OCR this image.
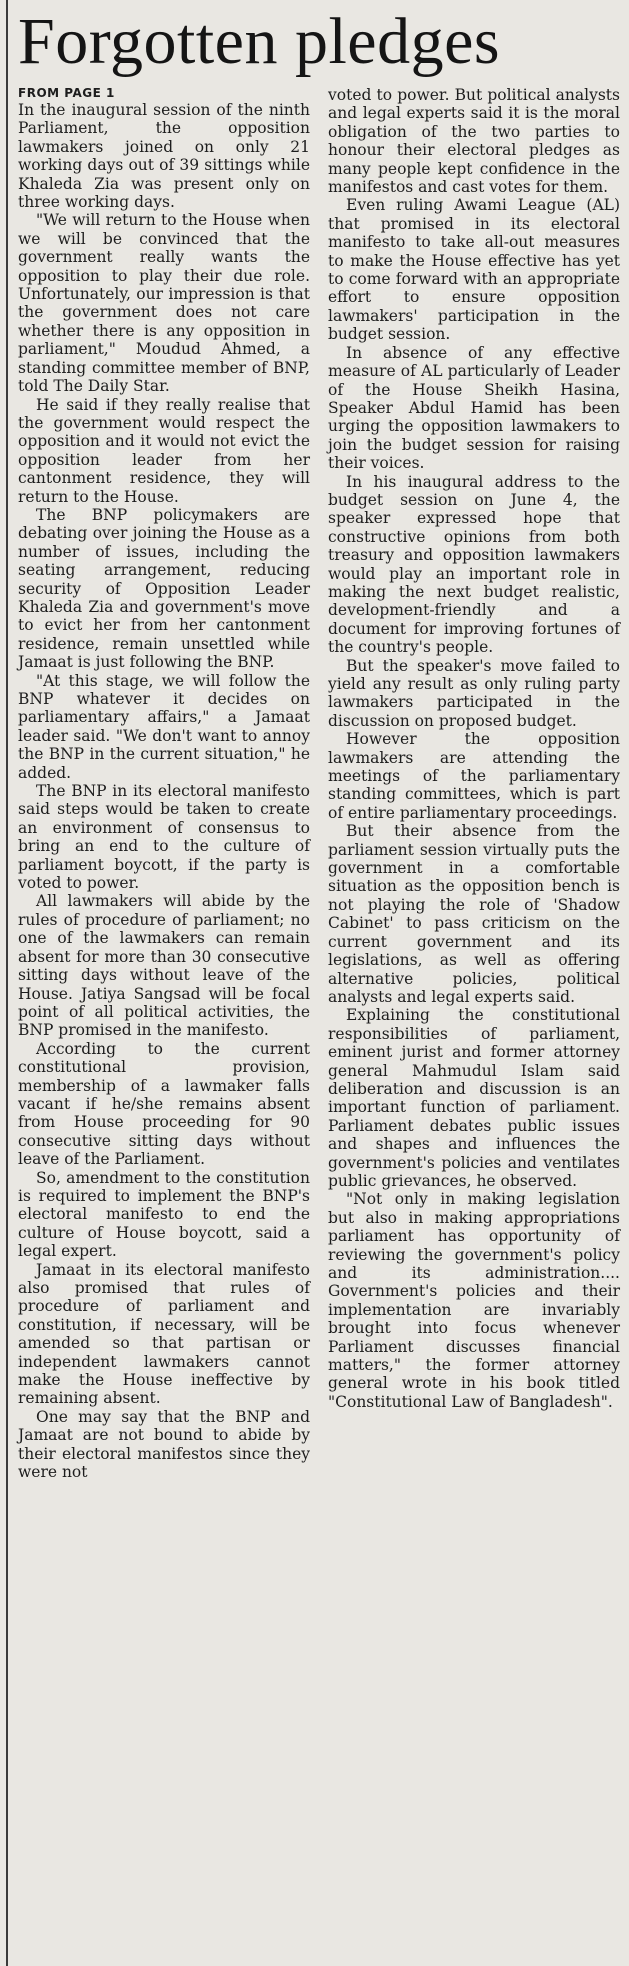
Forgotten pledges
FROM PAGE 1

In the inaugural session of the ninth Parliament, the opposition lawmakers joined on only 21 working days out of 39 sittings while Khaleda Zia was present only on three working days.

"We will return to the House when we will be convinced that the government really wants the opposition to play their due role. Unfortunately, our impression is that the government does not care whether there is any opposition in parliament," Moudud Ahmed, a standing committee member of BNP, told The Daily Star.

He said if they really realise that the government would respect the opposition and it would not evict the opposition leader from her cantonment residence, they will return to the House.

The BNP policymakers are debating over joining the House as a number of issues, including the seating arrangement, reducing security of Opposition Leader Khaleda Zia and government's move to evict her from her cantonment residence, remain unsettled while Jamaat is just following the BNP.

"At this stage, we will follow the BNP whatever it decides on parliamentary affairs," a Jamaat leader said. "We don't want to annoy the BNP in the current situation," he added.

The BNP in its electoral manifesto said steps would be taken to create an environment of consensus to bring an end to the culture of parliament boycott, if the party is voted to power.

All lawmakers will abide by the rules of procedure of parliament; no one of the lawmakers can remain absent for more than 30 consecutive sitting days without leave of the House. Jatiya Sangsad will be focal point of all political activities, the BNP promised in the manifesto.

According to the current constitutional provision, membership of a lawmaker falls vacant if he/she remains absent from House proceeding for 90 consecutive sitting days without leave of the Parliament.

So, amendment to the constitution is required to implement the BNP's electoral manifesto to end the culture of House boycott, said a legal expert.

Jamaat in its electoral manifesto also promised that rules of procedure of parliament and constitution, if necessary, will be amended so that partisan or independent lawmakers cannot make the House ineffective by remaining absent.

One may say that the BNP and Jamaat are not bound to abide by their electoral manifestos since they were not

voted to power. But political analysts and legal experts said it is the moral obligation of the two parties to honour their electoral pledges as many people kept confidence in the manifestos and cast votes for them.

Even ruling Awami League (AL) that promised in its electoral manifesto to take all-out measures to make the House effective has yet to come forward with an appropriate effort to ensure opposition lawmakers' participation in the budget session.

In absence of any effective measure of AL particularly of Leader of the House Sheikh Hasina, Speaker Abdul Hamid has been urging the opposition lawmakers to join the budget session for raising their voices.

In his inaugural address to the budget session on June 4, the speaker expressed hope that constructive opinions from both treasury and opposition lawmakers would play an important role in making the next budget realistic, development-friendly and a document for improving fortunes of the country's people.

But the speaker's move failed to yield any result as only ruling party lawmakers participated in the discussion on proposed budget.

However the opposition lawmakers are attending the meetings of the parliamentary standing committees, which is part of entire parliamentary proceedings.

But their absence from the parliament session virtually puts the government in a comfortable situation as the opposition bench is not playing the role of 'Shadow Cabinet' to pass criticism on the current government and its legislations, as well as offering alternative policies, political analysts and legal experts said.

Explaining the constitutional responsibilities of parliament, eminent jurist and former attorney general Mahmudul Islam said deliberation and discussion is an important function of parliament. Parliament debates public issues and shapes and influences the government's policies and ventilates public grievances, he observed.

"Not only in making legislation but also in making appropriations parliament has opportunity of reviewing the government's policy and its administration.... Government's policies and their implementation are invariably brought into focus whenever Parliament discusses financial matters," the former attorney general wrote in his book titled "Constitutional Law of Bangladesh".
